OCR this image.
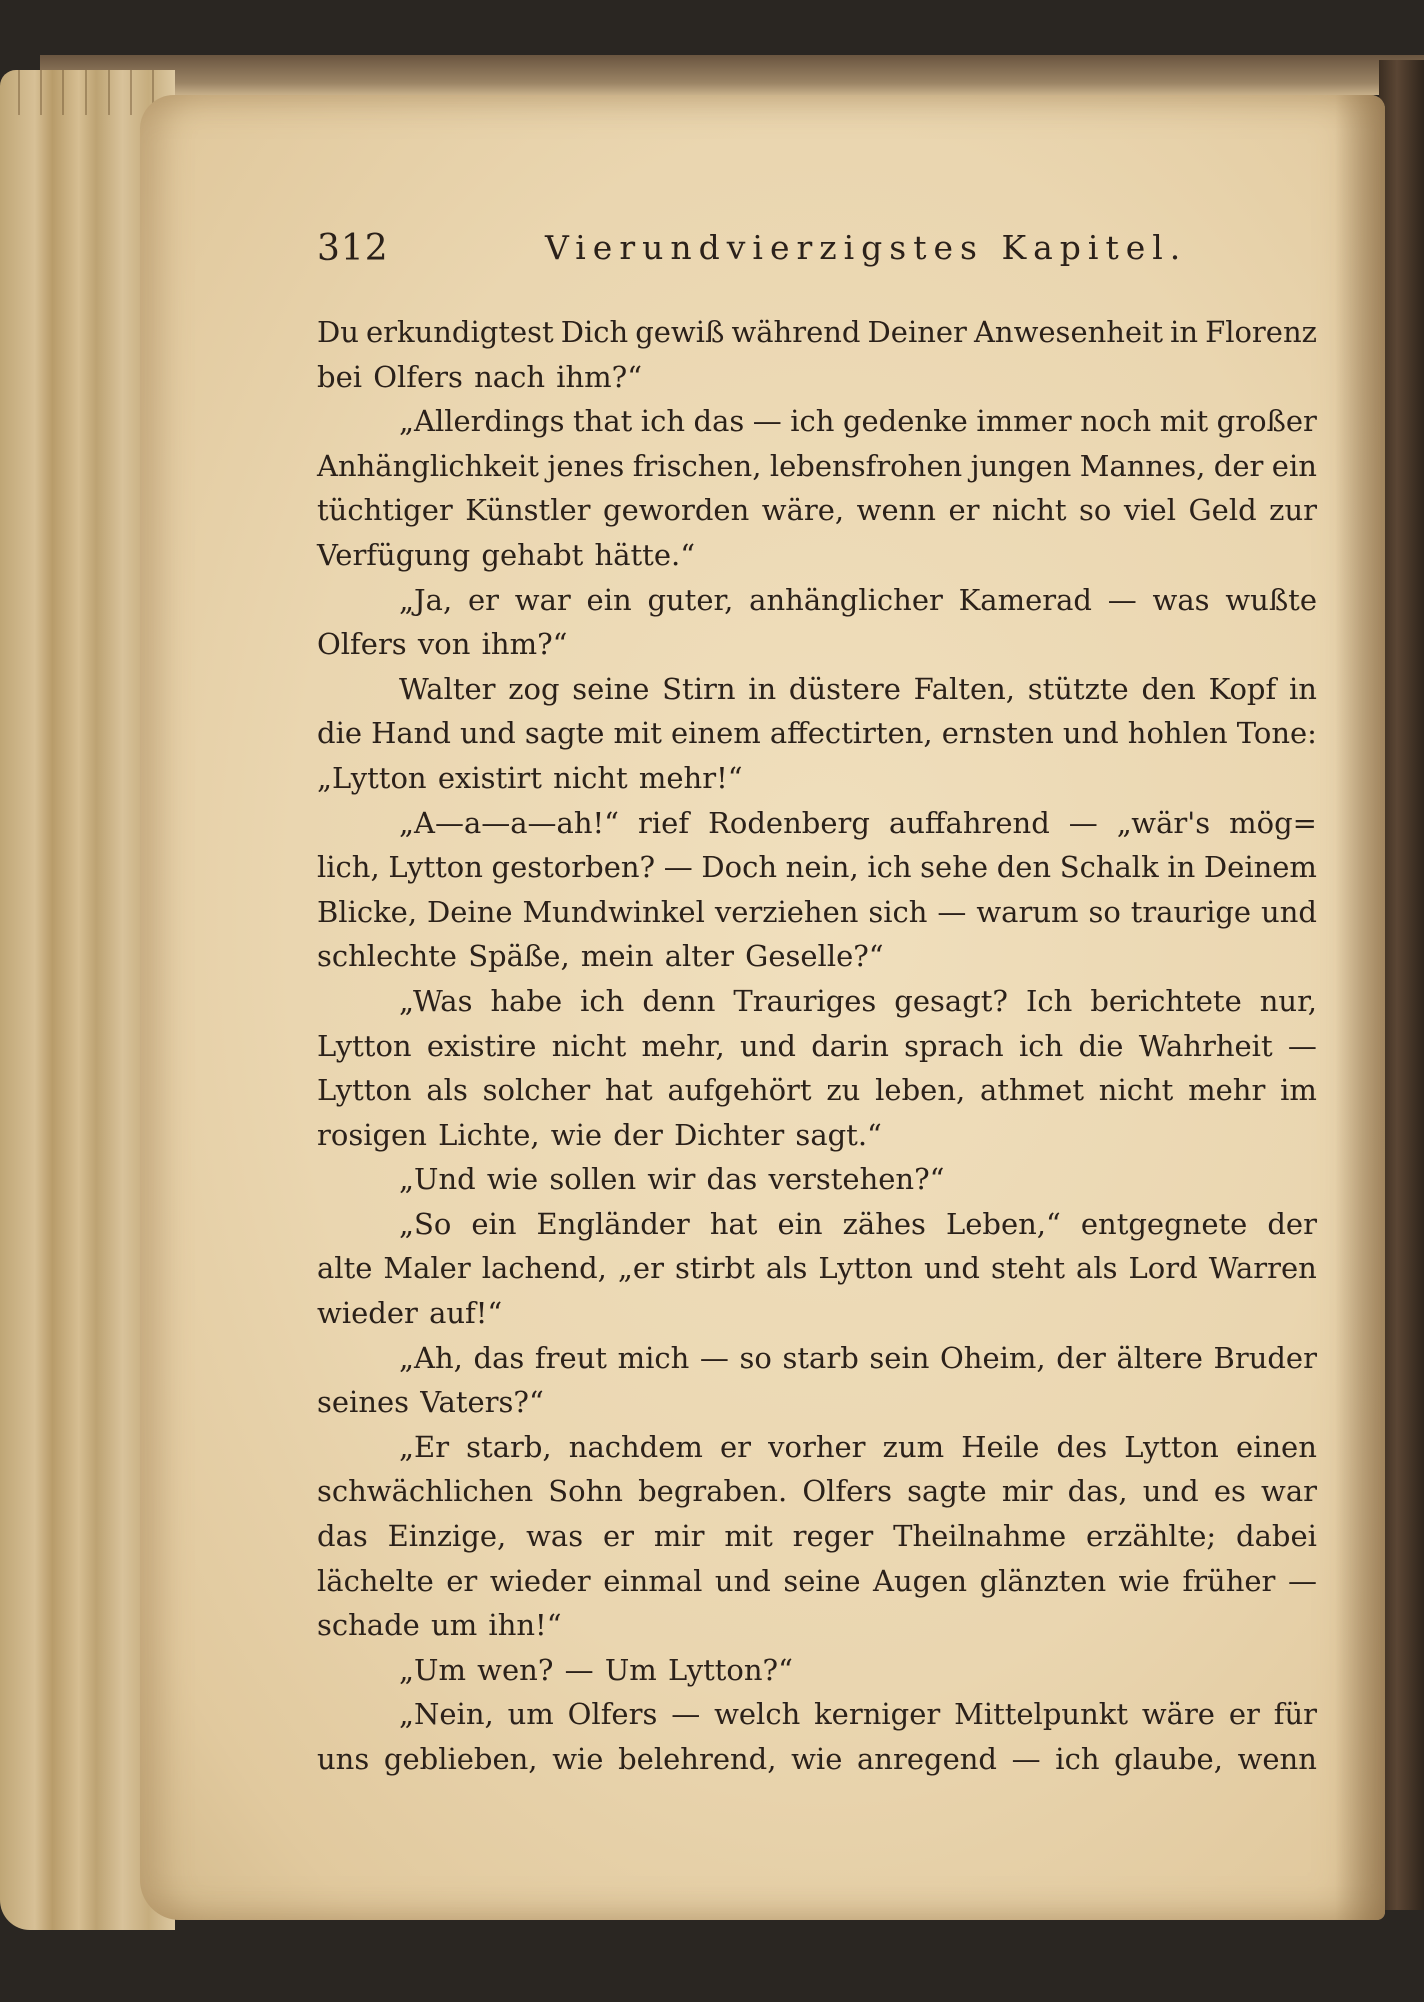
312	Vierundvierzigstes Kapitel.
Du erkundigtest Dich gewiß während Deiner Anwesenheit in Florenz
bei Olfers nach ihm?“
„Allerdings that ich das — ich gedenke immer noch mit großer
Anhänglichkeit jenes frischen, lebensfrohen jungen Mannes, der ein
tüchtiger Künstler geworden wäre, wenn er nicht so viel Geld zur
Verfügung gehabt hätte.“
„Ja, er war ein guter, anhänglicher Kamerad — was wußte
Olfers von ihm?“
Walter zog seine Stirn in düstere Falten, stützte den Kopf in
die Hand und sagte mit einem affectirten, ernsten und hohlen Tone:
„Lytton existirt nicht mehr!“
„A—a—a—ah!“ rief Rodenberg auffahrend — „wär's mög=
lich, Lytton gestorben? — Doch nein, ich sehe den Schalk in Deinem
Blicke, Deine Mundwinkel verziehen sich — warum so traurige und
schlechte Späße, mein alter Geselle?“
„Was habe ich denn Trauriges gesagt? Ich berichtete nur,
Lytton existire nicht mehr, und darin sprach ich die Wahrheit —
Lytton als solcher hat aufgehört zu leben, athmet nicht mehr im
rosigen Lichte, wie der Dichter sagt.“
„Und wie sollen wir das verstehen?“
„So ein Engländer hat ein zähes Leben,“ entgegnete der
alte Maler lachend, „er stirbt als Lytton und steht als Lord Warren
wieder auf!“
„Ah, das freut mich — so starb sein Oheim, der ältere Bruder
seines Vaters?“
„Er starb, nachdem er vorher zum Heile des Lytton einen
schwächlichen Sohn begraben. Olfers sagte mir das, und es war
das Einzige, was er mir mit reger Theilnahme erzählte; dabei
lächelte er wieder einmal und seine Augen glänzten wie früher —
schade um ihn!“
„Um wen? — Um Lytton?“
„Nein, um Olfers — welch kerniger Mittelpunkt wäre er für
uns geblieben, wie belehrend, wie anregend — ich glaube, wenn
